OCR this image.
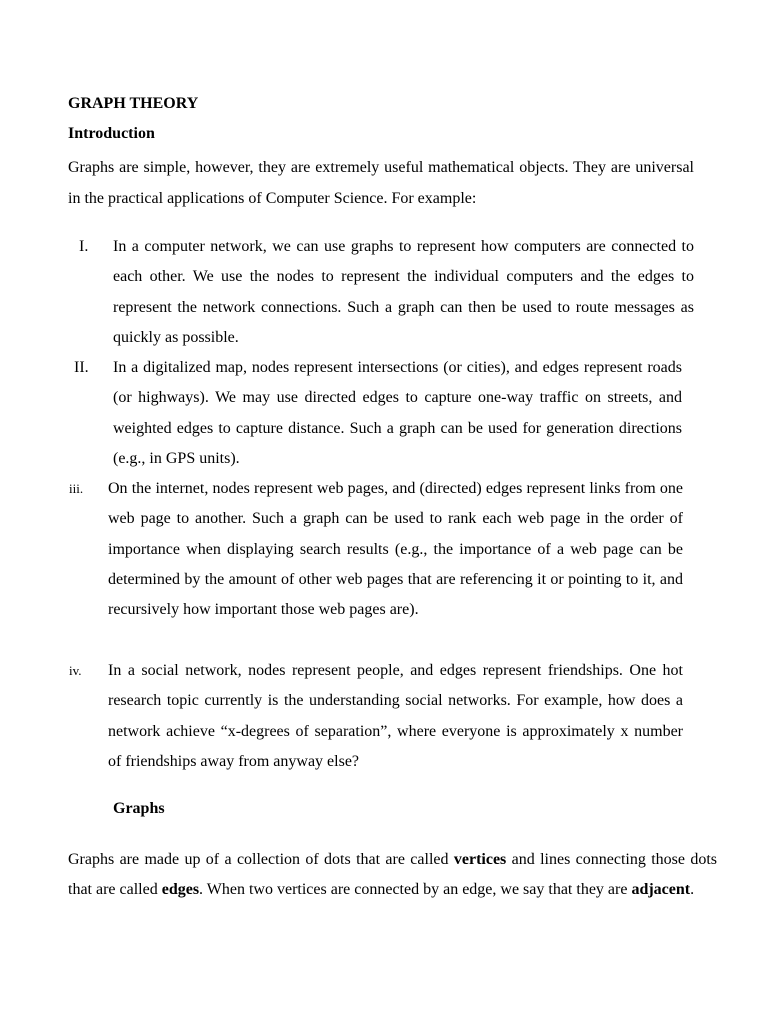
GRAPH THEORY
Introduction

Graphs are simple, however, they are extremely useful mathematical objects. They are universal in the practical applications of Computer Science. For example:

I. In a computer network, we can use graphs to represent how computers are connected to each other. We use the nodes to represent the individual computers and the edges to represent the network connections. Such a graph can then be used to route messages as quickly as possible.
II. In a digitalized map, nodes represent intersections (or cities), and edges represent roads (or highways). We may use directed edges to capture one-way traffic on streets, and weighted edges to capture distance. Such a graph can be used for generation directions (e.g., in GPS units).
iii. On the internet, nodes represent web pages, and (directed) edges represent links from one web page to another. Such a graph can be used to rank each web page in the order of importance when displaying search results (e.g., the importance of a web page can be determined by the amount of other web pages that are referencing it or pointing to it, and recursively how important those web pages are).
iv. In a social network, nodes represent people, and edges represent friendships. One hot research topic currently is the understanding social networks. For example, how does a network achieve “x-degrees of separation”, where everyone is approximately x number of friendships away from anyway else?
Graphs

Graphs are made up of a collection of dots that are called vertices and lines connecting those dots that are called edges. When two vertices are connected by an edge, we say that they are adjacent.
